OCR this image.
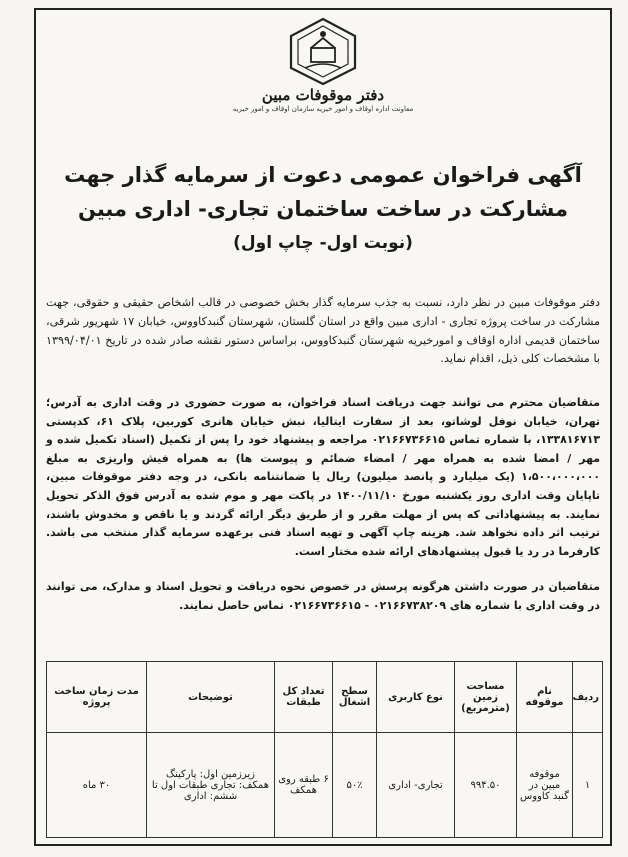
دفتر موقوفات مبین
معاونت اداره اوقاف و امور خیریه سازمان اوقاف و امور خیریه
آگهی فراخوان عمومی دعوت از سرمایه گذار جهت
مشارکت در ساخت ساختمان تجاری- اداری مبین
(نوبت اول- چاپ اول)
دفتر موقوفات مبین در نظر دارد، نسبت به جذب سرمایه گذار بخش خصوصی در قالب اشخاص حقیقی و حقوقی، جهت مشارکت در ساخت پروژه تجاری - اداری مبین واقع در استان گلستان، شهرستان گنبدکاووس، خیابان ۱۷ شهریور شرقی، ساختمان قدیمی اداره اوقاف و امورخیریه شهرستان گنبدکاووس، براساس دستور نقشه صادر شده در تاریخ ۱۳۹۹/۰۴/۰۱ با مشخصات کلی ذیل، اقدام نماید.
متقاضیان محترم می توانند جهت دریافت اسناد فراخوان، به صورت حضوری در وقت اداری به آدرس؛ تهران، خیابان نوفل لوشاتو، بعد از سفارت ایتالیا، نبش خیابان هانری کوربین، پلاک ۶۱، کدپستی ۱۳۳۸۱۶۷۱۳، با شماره تماس ۰۲۱۶۶۷۳۶۶۱۵ مراجعه و پیشنهاد خود را پس از تکمیل (اسناد تکمیل شده و مهر / امضا شده به همراه مهر / امضاء ضمائم و پیوست ها) به همراه فیش واریزی به مبلغ ۱،۵۰۰،۰۰۰،۰۰۰ (یک میلیارد و پانصد میلیون) ریال یا ضمانتنامه بانکی، در وجه دفتر موقوفات مبین، تاپایان وقت اداری روز یکشنبه مورخ ۱۴۰۰/۱۱/۱۰ در پاکت مهر و موم شده به آدرس فوق الذکر تحویل نمایند. به پیشنهاداتی که پس از مهلت مقرر و از طریق دیگر ارائه گردند و یا ناقص و مخدوش باشند، ترتیب اثر داده نخواهد شد. هزینه چاپ آگهی و تهیه اسناد فنی برعهده سرمایه گذار منتخب می باشد. کارفرما در رد یا قبول پیشنهادهای ارائه شده مختار است.
متقاضیان در صورت داشتن هرگونه پرسش در خصوص نحوه دریافت و تحویل اسناد و مدارک، می توانند در وقت اداری با شماره های ۰۲۱۶۶۷۳۸۲۰۹ - ۰۲۱۶۶۷۳۶۶۱۵ تماس حاصل نمایند.
ردیف	نام موقوفه	مساحت زمین (مترمربع)	نوع کاربری	سطح اشغال	تعداد کل طبقات	توضیحات	مدت زمان ساخت پروژه
۱	موقوفه مبین در گنبد کاووس	۹۹۴.۵۰	تجاری- اداری	۵۰٪	۶ طبقه روی همکف	زیرزمین اول: پارکینگ همکف: تجاری طبقات اول تا ششم: اداری	۳۰ ماه
